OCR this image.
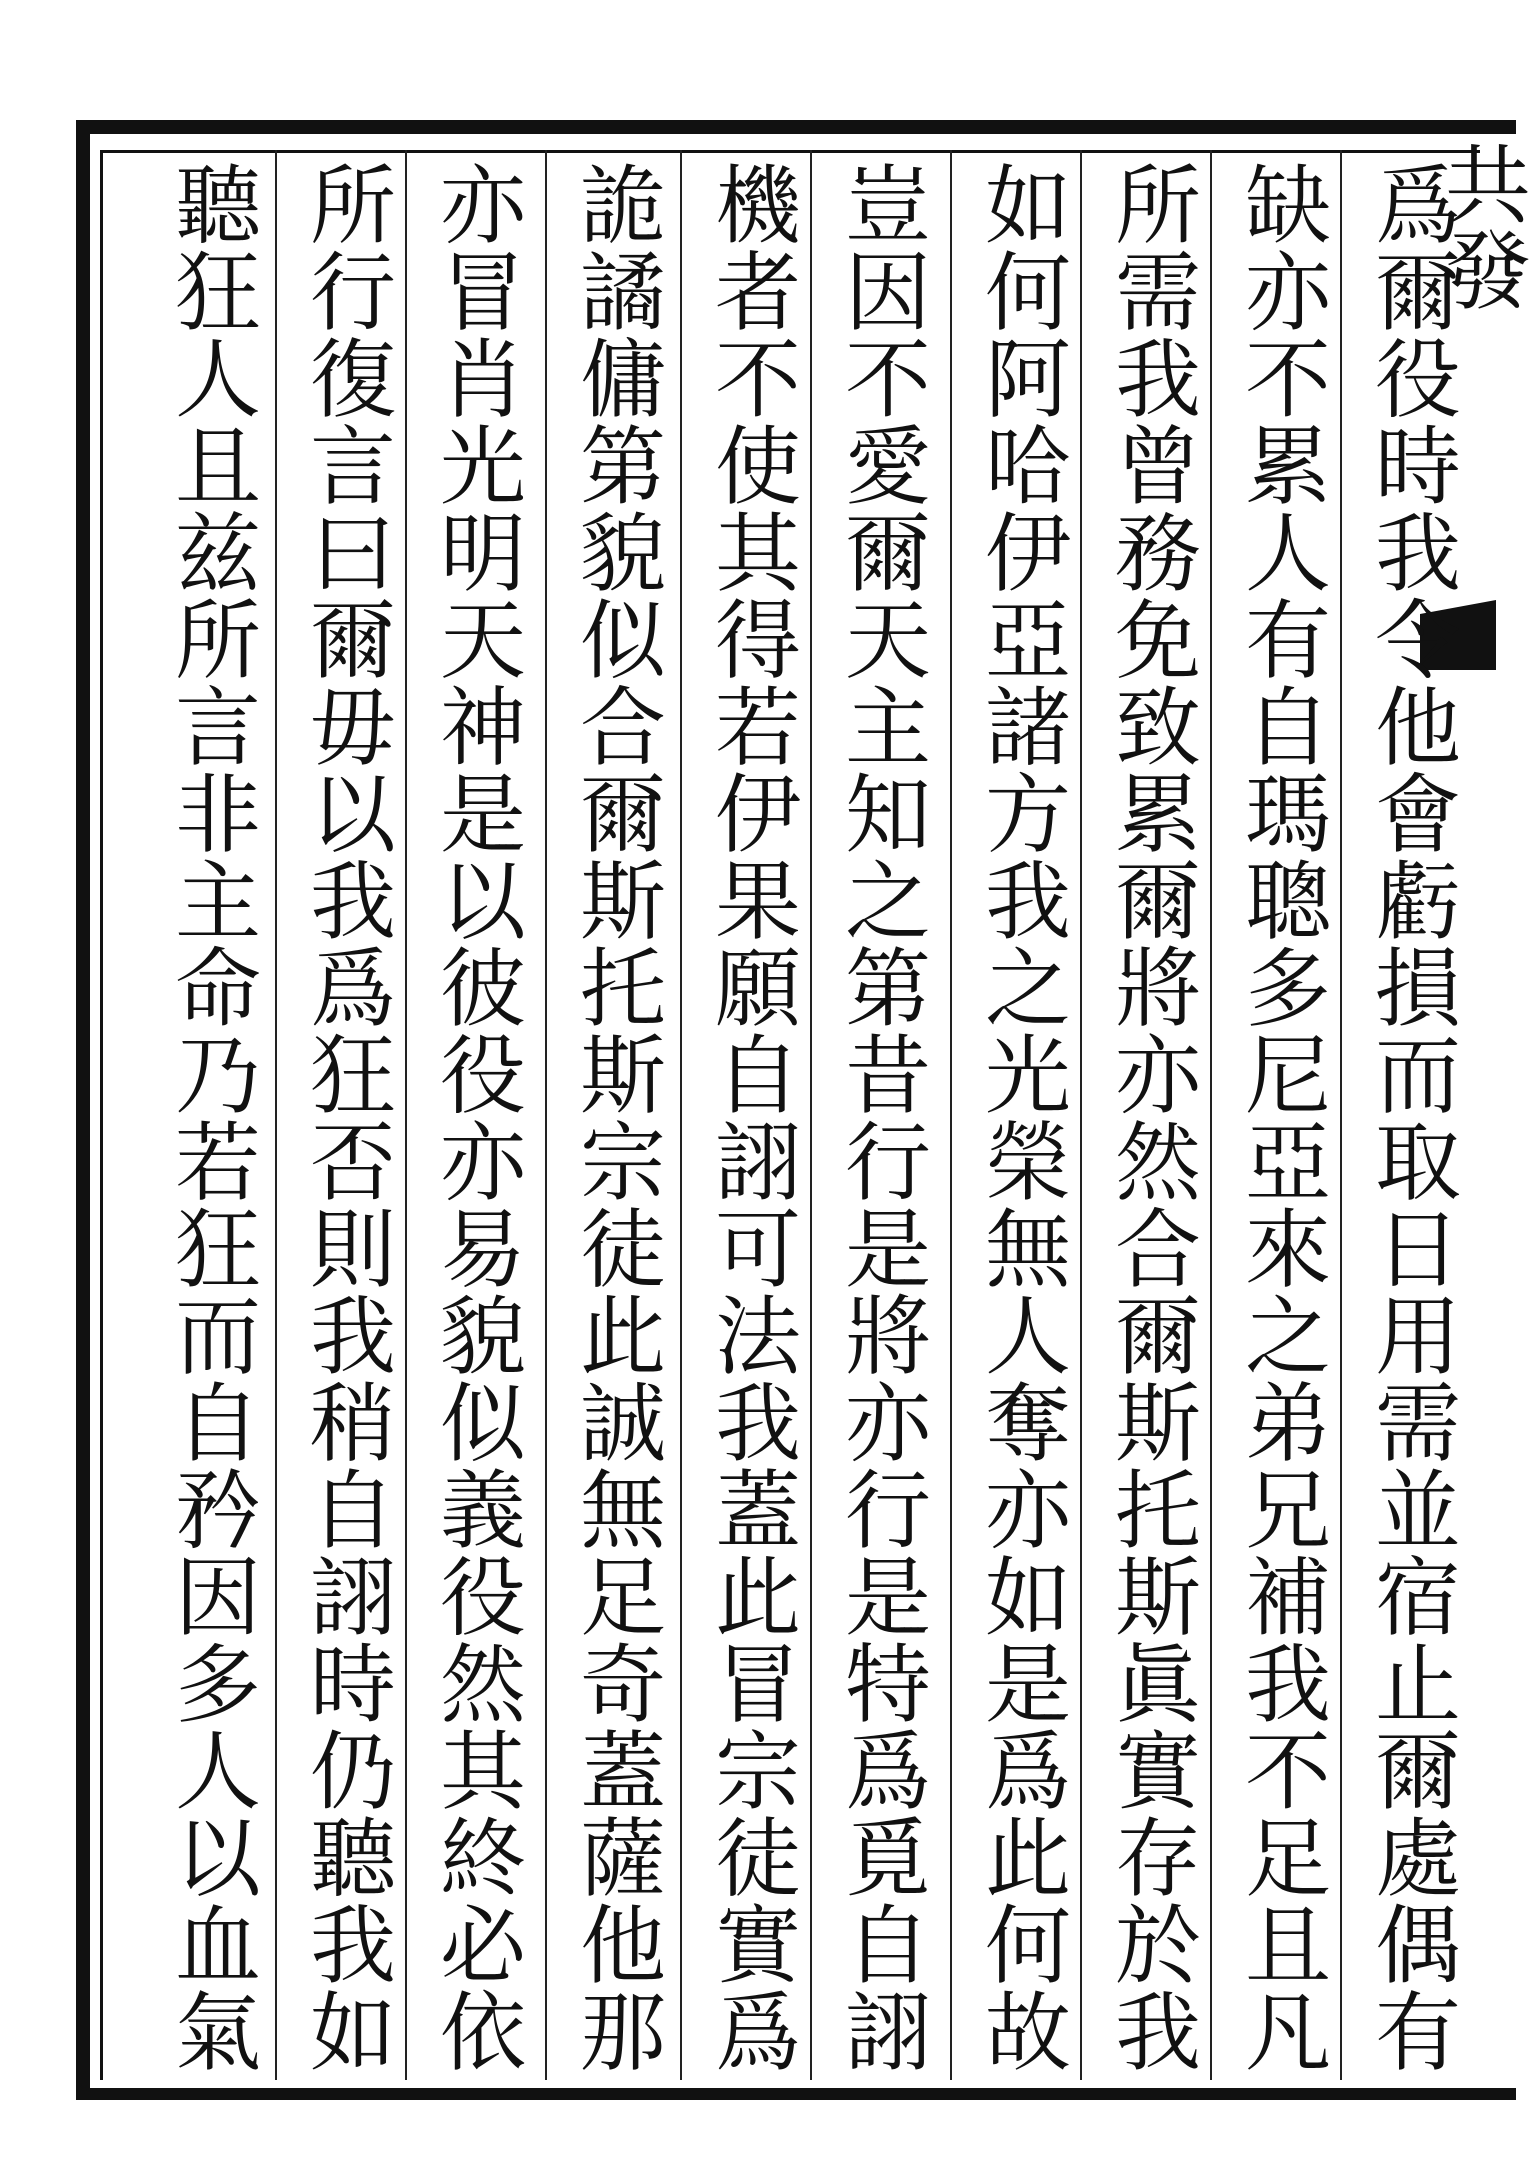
共發
爲爾役時我令他會虧損而取日用需並宿止爾處偶有
缺亦不累人有自瑪聰多尼亞來之弟兄補我不足且凡
所需我曾務免致累爾將亦然合爾斯托斯眞實存於我
如何阿哈伊亞諸方我之光榮無人奪亦如是爲此何故
豈因不愛爾天主知之第昔行是將亦行是特爲覓自詡
機者不使其得若伊果願自詡可法我蓋此冒宗徒實爲
詭譎傭第貌似合爾斯托斯宗徒此誠無足奇蓋薩他那
亦冒肖光明天神是以彼役亦易貌似義役然其終必依
所行復言曰爾毋以我爲狂否則我稍自詡時仍聽我如
聽狂人且兹所言非主命乃若狂而自矜因多人以血氣
